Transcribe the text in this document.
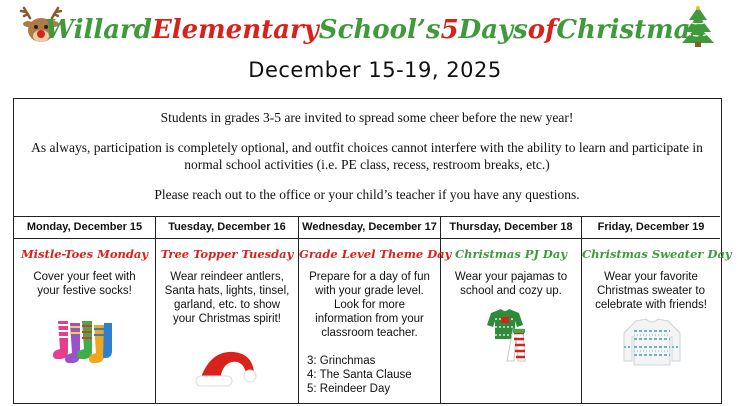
Willard Elementary School’s 5 Days of Christmas
December 15-19, 2025

Students in grades 3-5 are invited to spread some cheer before the new year!

As always, participation is completely optional, and outfit choices cannot interfere with the ability to learn and participate in normal school activities (i.e. PE class, recess, restroom breaks, etc.)

Please reach out to the office or your child’s teacher if you have any questions.

Monday, December 15
Mistle-Toes Monday
Cover your feet with your festive socks!
Tuesday, December 16
Tree Topper Tuesday
Wear reindeer antlers, Santa hats, lights, tinsel, garland, etc. to show your Christmas spirit!
Wednesday, December 17
Grade Level Theme Day
Prepare for a day of fun with your grade level. Look for more information from your classroom teacher.
3: Grinchmas
4: The Santa Clause
5: Reindeer Day
Thursday, December 18
Christmas PJ Day
Wear your pajamas to school and cozy up.
Friday, December 19
Christmas Sweater Day
Wear your favorite Christmas sweater to celebrate with friends!
